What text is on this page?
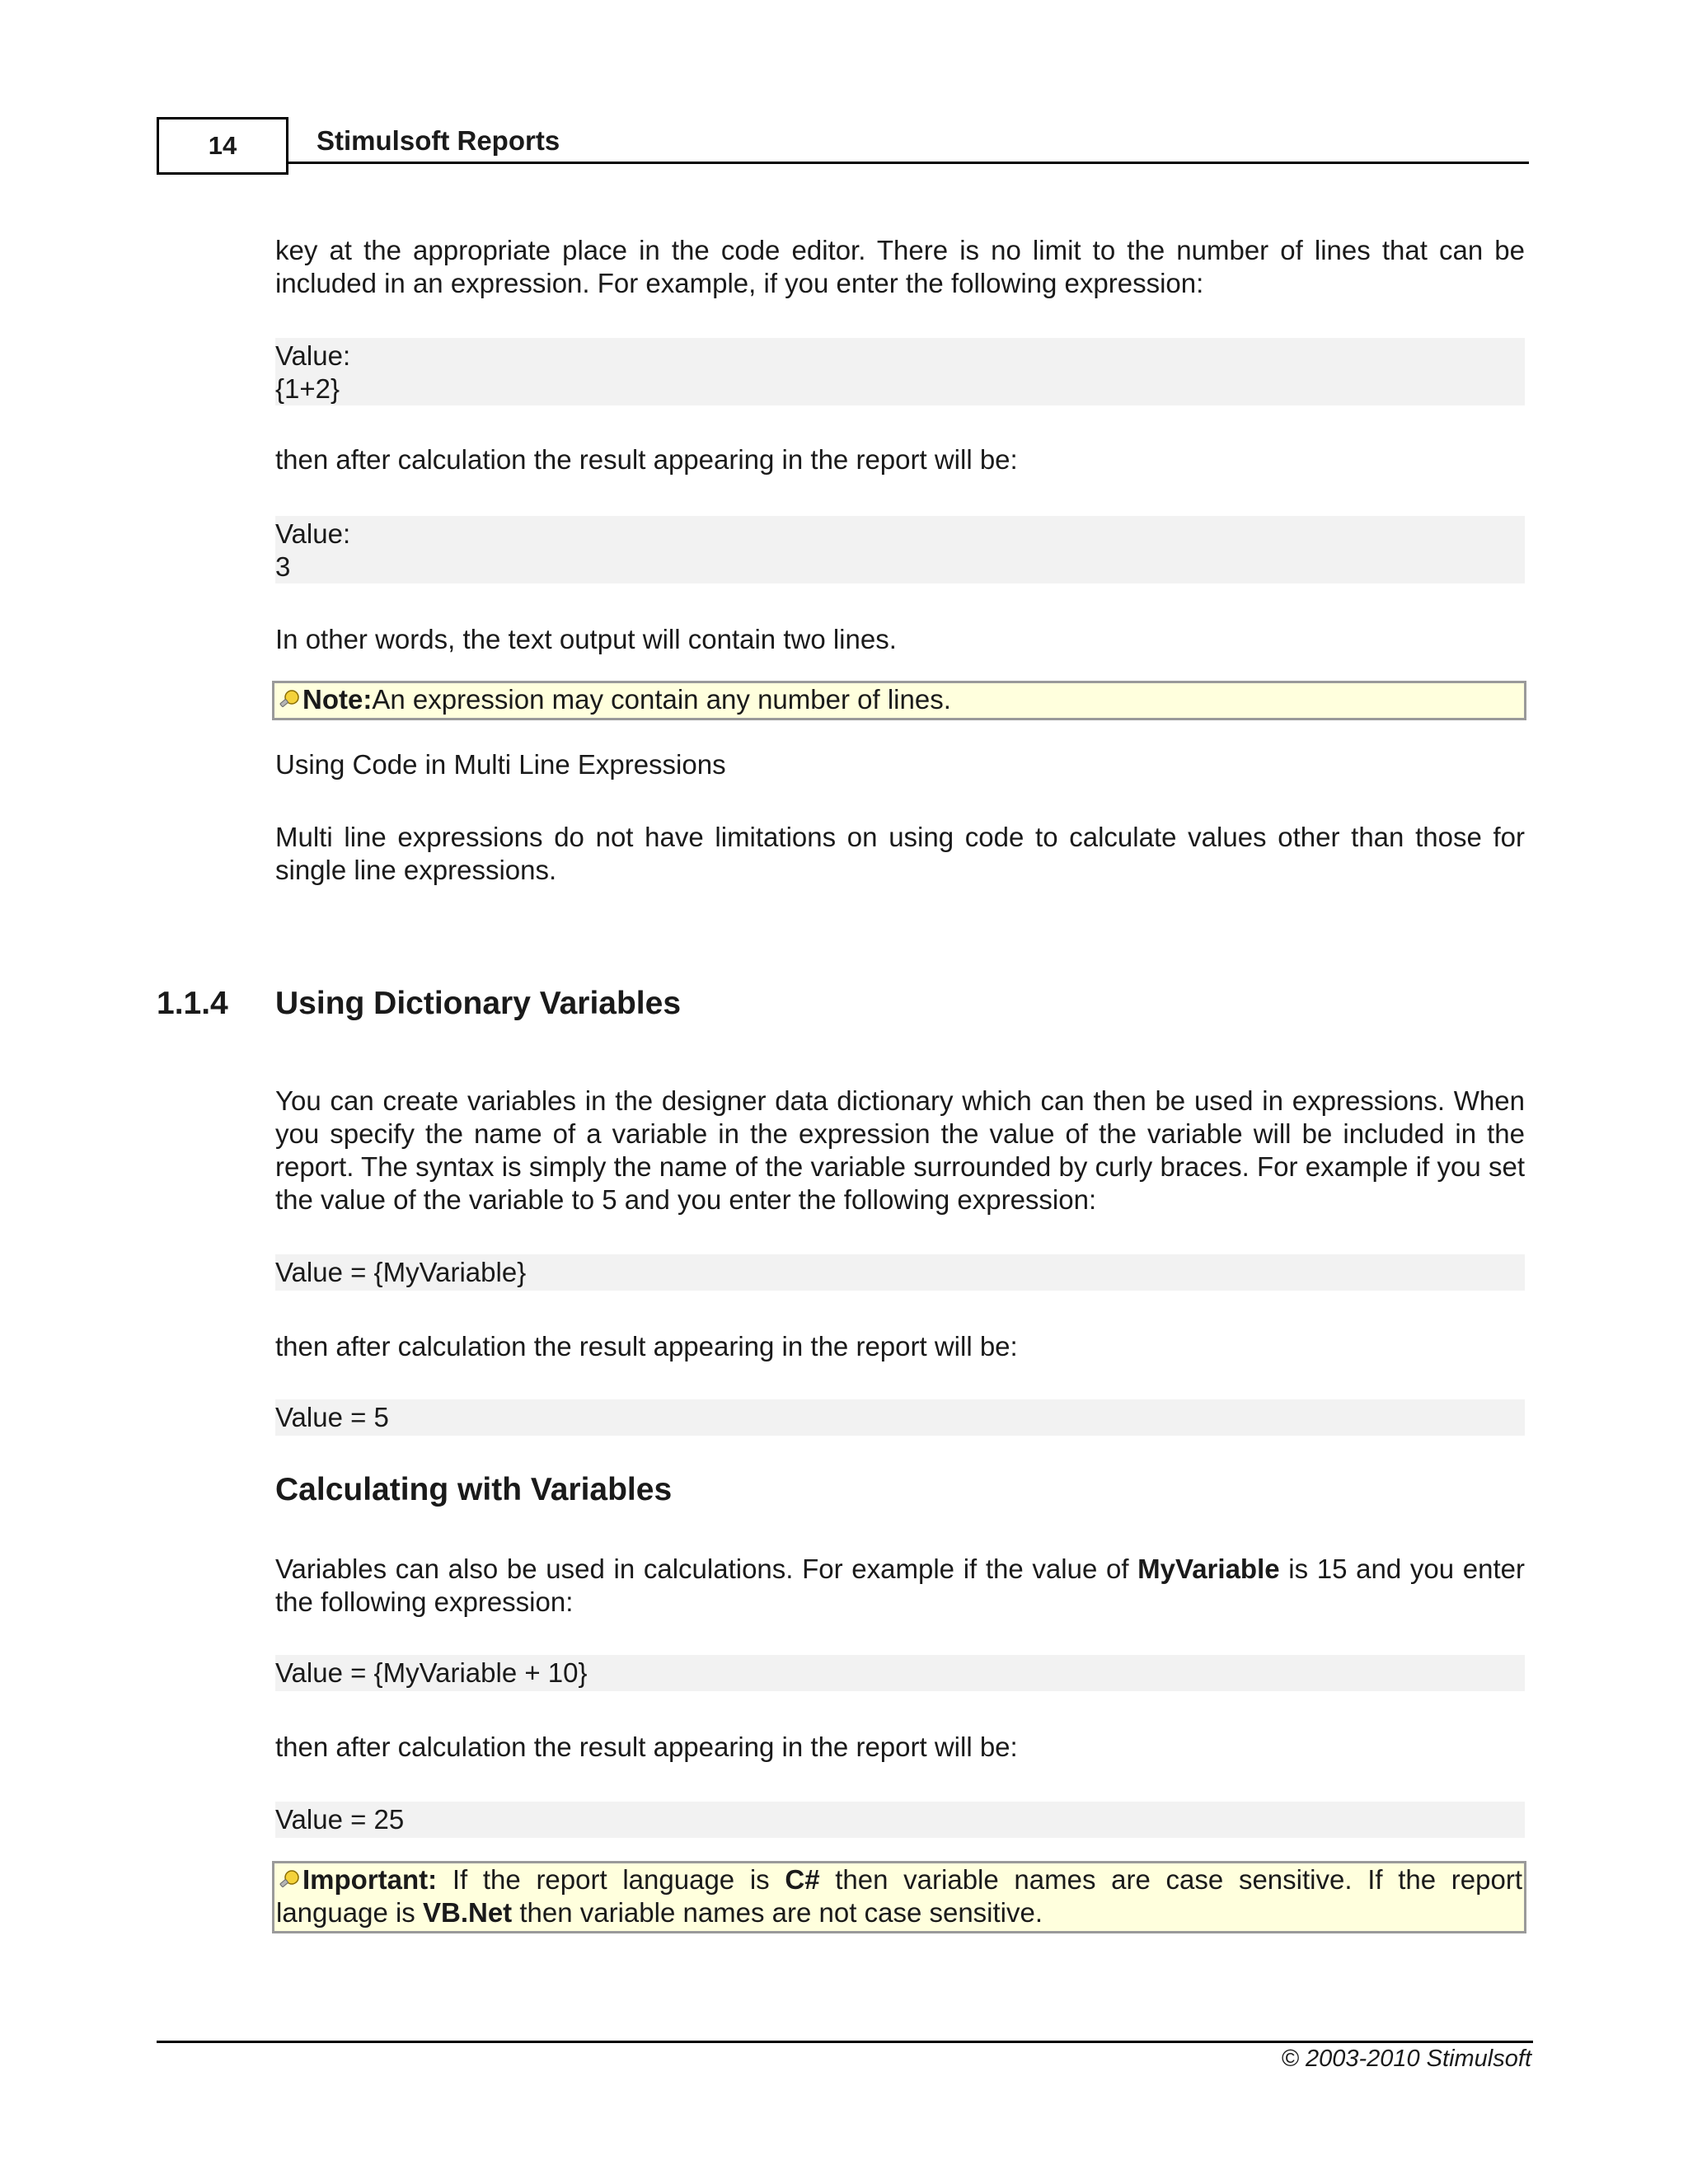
14	Stimulsoft Reports
key at the appropriate place in the code editor. There is no limit to the number of lines that can be included in an expression. For example, if you enter the following expression:
Value:
{1+2}
then after calculation the result appearing in the report will be:
Value:
3
In other words, the text output will contain two lines.
Note:An expression may contain any number of lines.
Using Code in Multi Line Expressions
Multi line expressions do not have limitations on using code to calculate values other than those for single line expressions.
1.1.4 Using Dictionary Variables
You can create variables in the designer data dictionary which can then be used in expressions. When you specify the name of a variable in the expression the value of the variable will be included in the report. The syntax is simply the name of the variable surrounded by curly braces. For example if you set the value of the variable to 5 and you enter the following expression:
Value = {MyVariable}
then after calculation the result appearing in the report will be:
Value = 5
Calculating with Variables
Variables can also be used in calculations. For example if the value of MyVariable is 15 and you enter the following expression:
Value = {MyVariable + 10}
then after calculation the result appearing in the report will be:
Value = 25
Important: If the report language is C# then variable names are case sensitive. If the report language is VB.Net then variable names are not case sensitive.
© 2003-2010 Stimulsoft
